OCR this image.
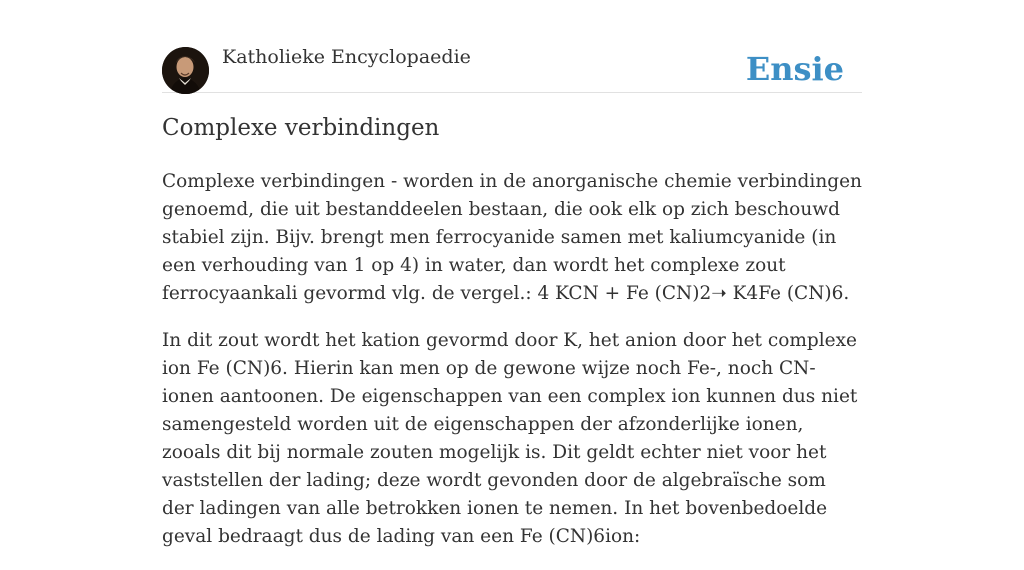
Katholieke Encyclopaedie	Ensie
Complexe verbindingen

Complexe verbindingen - worden in de anorganische chemie verbindingen genoemd, die uit bestanddeelen bestaan, die ook elk op zich beschouwd stabiel zijn. Bijv. brengt men ferrocyanide samen met kaliumcyanide (in een verhouding van 1 op 4) in water, dan wordt het complexe zout ferrocyaankali gevormd vlg. de vergel.: 4 KCN + Fe (CN)2➝ K4Fe (CN)6.

In dit zout wordt het kation gevormd door K, het anion door het complexe ion Fe (CN)6. Hierin kan men op de gewone wijze noch Fe-, noch CN-ionen aantoonen. De eigenschappen van een complex ion kunnen dus niet samengesteld worden uit de eigenschappen der afzonderlijke ionen, zooals dit bij normale zouten mogelijk is. Dit geldt echter niet voor het vaststellen der lading; deze wordt gevonden door de algebraïsche som der ladingen van alle betrokken ionen te nemen. In het bovenbedoelde geval bedraagt dus de lading van een Fe (CN)6ion:
